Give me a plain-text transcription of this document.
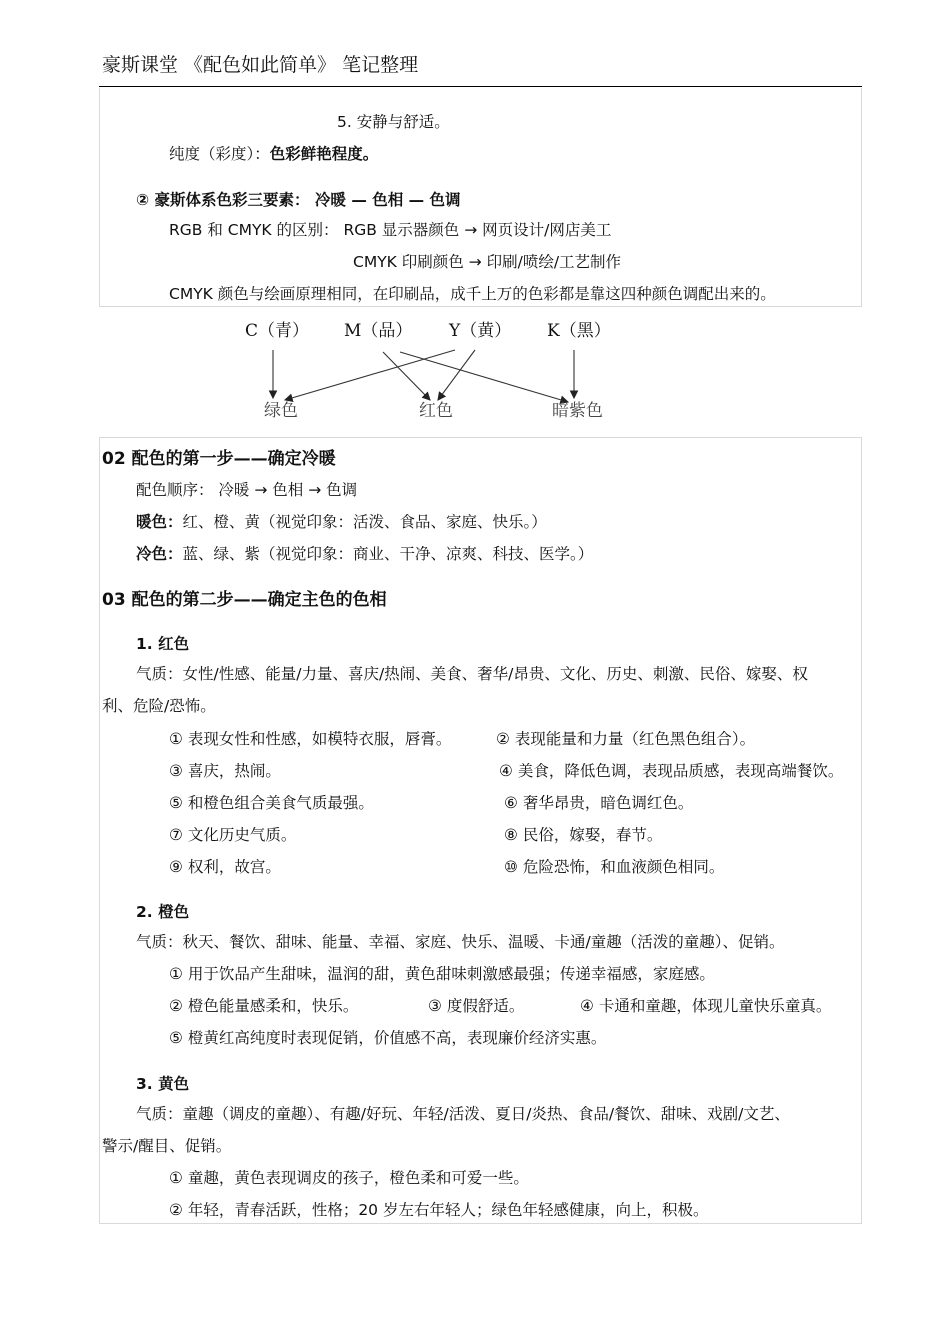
豪斯课堂 《配色如此简单》 笔记整理
5. 安静与舒适。
纯度（彩度）：色彩鲜艳程度。
② 豪斯体系色彩三要素： 冷暖 — 色相 — 色调
RGB 和 CMYK 的区别： RGB 显示器颜色 → 网页设计/网店美工
CMYK 印刷颜色 → 印刷/喷绘/工艺制作
CMYK 颜色与绘画原理相同，在印刷品，成千上万的色彩都是靠这四种颜色调配出来的。
C（青） M（品） Y（黄） K（黑）
绿色	红色	暗紫色
02 配色的第一步——确定冷暖
配色顺序： 冷暖 → 色相 → 色调
暖色：红、橙、黄（视觉印象：活泼、食品、家庭、快乐。）
冷色：蓝、绿、紫（视觉印象：商业、干净、凉爽、科技、医学。）
03 配色的第二步——确定主色的色相
1. 红色
气质：女性/性感、能量/力量、喜庆/热闹、美食、奢华/昂贵、文化、历史、刺激、民俗、嫁娶、权
利、危险/恐怖。
① 表现女性和性感，如模特衣服，唇膏。	② 表现能量和力量（红色黑色组合）。
③ 喜庆，热闹。	④ 美食，降低色调，表现品质感，表现高端餐饮。
⑤ 和橙色组合美食气质最强。	⑥ 奢华昂贵，暗色调红色。
⑦ 文化历史气质。	⑧ 民俗，嫁娶，春节。
⑨ 权利，故宫。	⑩ 危险恐怖，和血液颜色相同。
2. 橙色
气质：秋天、餐饮、甜味、能量、幸福、家庭、快乐、温暖、卡通/童趣（活泼的童趣）、促销。
① 用于饮品产生甜味，温润的甜，黄色甜味刺激感最强；传递幸福感，家庭感。
② 橙色能量感柔和，快乐。	③ 度假舒适。	④ 卡通和童趣，体现儿童快乐童真。
⑤ 橙黄红高纯度时表现促销，价值感不高，表现廉价经济实惠。
3. 黄色
气质：童趣（调皮的童趣）、有趣/好玩、年轻/活泼、夏日/炎热、食品/餐饮、甜味、戏剧/文艺、
警示/醒目、促销。
① 童趣，黄色表现调皮的孩子，橙色柔和可爱一些。
② 年轻，青春活跃，性格；20 岁左右年轻人；绿色年轻感健康，向上，积极。
